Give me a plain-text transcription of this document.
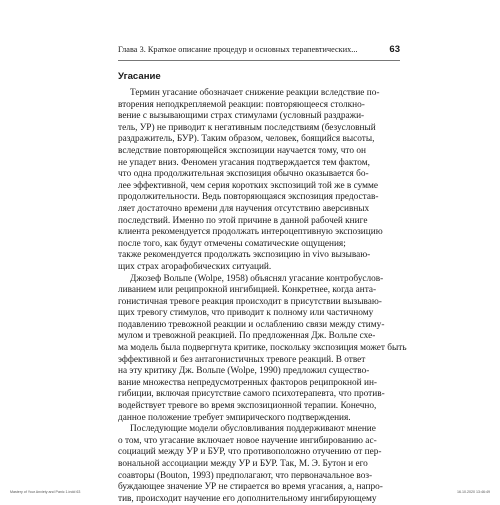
Глава 3. Краткое описание процедур и основных терапевтических...	63
Угасание
Термин угасание обозначает снижение реакции вследствие по-
вторения неподкрепляемой реакции: повторяющееся столкно-
вение с вызывающими страх стимулами (условный раздражи-
тель, УР) не приводит к негативным последствиям (безусловный
раздражитель, БУР). Таким образом, человек, боящийся высоты,
вследствие повторяющейся экспозиции научается тому, что он
не упадет вниз. Феномен угасания подтверждается тем фактом,
что одна продолжительная экспозиция обычно оказывается бо-
лее эффективной, чем серия коротких экспозиций той же в сумме
продолжительности. Ведь повторяющаяся экспозиция предостав-
ляет достаточно времени для научения отсутствию аверсивных
последствий. Именно по этой причине в данной рабочей книге
клиента рекомендуется продолжать интероцептивную экспозицию
после того, как будут отмечены соматические ощущения;
также рекомендуется продолжать экспозицию in vivo вызываю-
щих страх агорафобических ситуаций.
Джозеф Вольпе (Wolpe, 1958) объяснял угасание контробуслов-
ливанием или реципрокной ингибицией. Конкретнее, когда анта-
гонистичная тревоге реакция происходит в присутствии вызываю-
щих тревогу стимулов, что приводит к полному или частичному
подавлению тревожной реакции и ослаблению связи между стиму-
мулом и тревожной реакцией. По предложенная Дж. Вольпе схе-
ма модель была подвергнута критике, поскольку экспозиция может быть
эффективной и без антагонистичных тревоге реакций. В ответ
на эту критику Дж. Вольпе (Wolpe, 1990) предложил существо-
вание множества непредусмотренных факторов реципрокной ин-
гибиции, включая присутствие самого психотерапевта, что против-
водействует тревоге во время экспозиционной терапии. Конечно,
данное положение требует эмпирического подтверждения.
Последующие модели обусловливания поддерживают мнение
о том, что угасание включает новое научение ингибированию ас-
социаций между УР и БУР, что противоположно отучению от пер-
вональной ассоциации между УР и БУР. Так, М. Э. Бутон и его
соавторы (Bouton, 1993) предполагают, что первоначальное воз-
буждающее значение УР не стирается во время угасания, а, напро-
тив, происходит научение его дополнительному ингибирующему
Mastery of Your Anxiety and Panic 1.indd 63	16.10.2020 13:46:49
